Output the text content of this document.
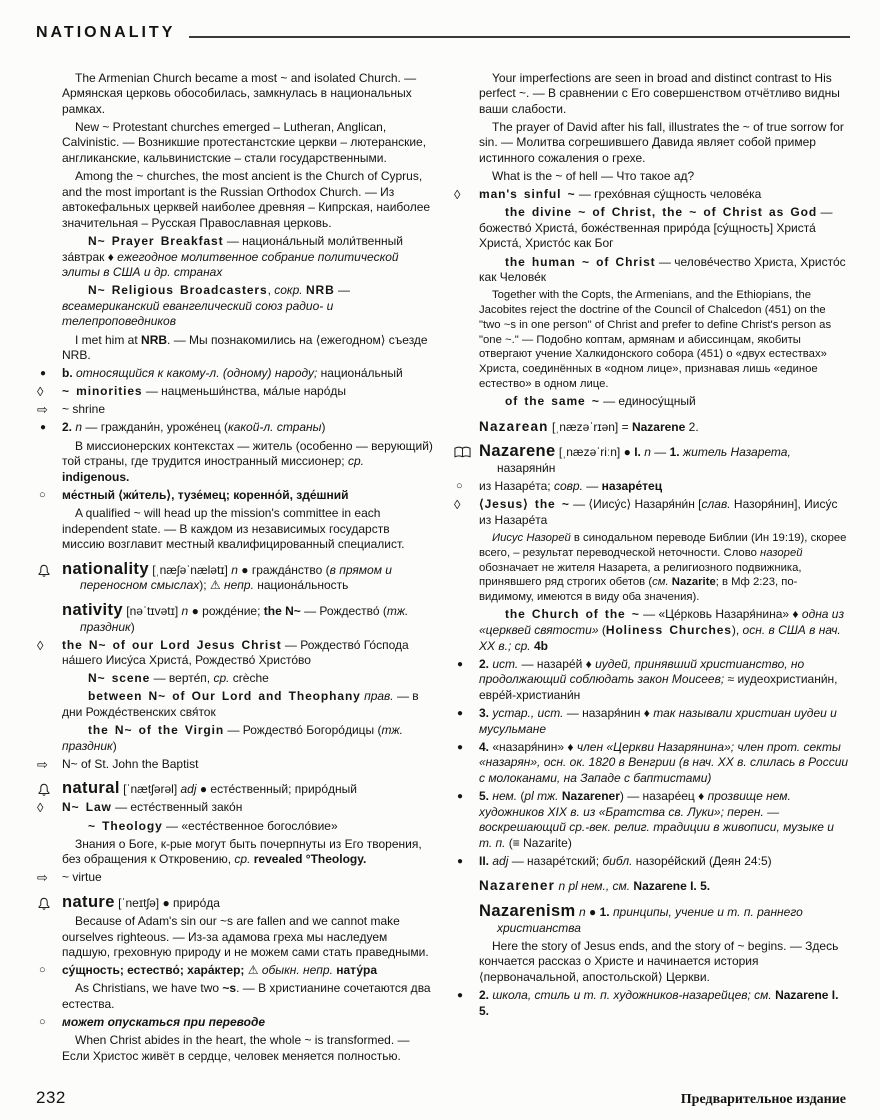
NATIONALITY
The Armenian Church became a most ~ and isolated Church. — Армянская церковь обособилась, замкнулась в национальных рамках.
New ~ Protestant churches emerged – Lutheran, Anglican, Calvinistic. — Возникшие протестанстские церкви – лютеранские, англиканские, кальвинистские – стали государственными.
Among the ~ churches, the most ancient is the Church of Cyprus, and the most important is the Russian Orthodox Church. — Из автокефальных церквей наиболее древняя – Кипрская, наиболее значительная – Русская Православная церковь.
N~ Prayer Breakfast — национа́льный моли́твенный за́втрак ♦ ежегодное молитвенное собрание политической элиты в США и др. странах
N~ Religious Broadcasters, сокр. NRB — всеамериканский евангелический союз радио- и телепроповедников
I met him at NRB. — Мы познакомились на ⟨ежегодном⟩ съезде NRB.
●	b. относящийся к какому-л. (одному) народу; национа́льный
◊	~ minorities — нацменьши́нства, ма́лые наро́ды
⇨	~ shrine
●	2. n — граждани́н, уроже́нец (какой-л. страны)
В миссионерских контекстах — житель (особенно — верующий) той страны, где трудится иностранный миссионер; ср. indigenous.
○	ме́стный ⟨жи́тель⟩, тузе́мец; коренно́й, зде́шний
A qualified ~ will head up the mission's committee in each independent state. — В каждом из независимых государств миссию возглавит местный квалифицированный специалист.
nationality [ˌnæʃəˈnælətɪ] n ● гражда́нство (в прямом и переносном смыслах); ⚠ непр. национа́льность
nativity [nəˈtɪvətɪ] n ● рожде́ние; the N~ — Рождество́ (тж. праздник)
◊	the N~ of our Lord Jesus Christ — Рождество́ Го́спода на́шего Иису́са Христа́, Рождество́ Христо́во
N~ scene — верте́п, ср. crèche
between N~ of Our Lord and Theophany прав. — в дни Рожде́ственских свя́ток
the N~ of the Virgin — Рождество́ Богоро́дицы (тж. праздник)
⇨	N~ of St. John the Baptist
natural [ˈnætʃərəl] adj ● есте́ственный; приро́дный
◊	N~ Law — есте́ственный зако́н
~ Theology — «есте́ственное богосло́вие»
Знания о Боге, к-рые могут быть почерпнуты из Его творения, без обращения к Откровению, ср. revealed °Theology.
⇨	~ virtue
nature [ˈneɪtʃə] ● приро́да
Because of Adam's sin our ~s are fallen and we cannot make ourselves righteous. — Из-за адамова греха мы наследуем падшую, греховную природу и не можем сами стать праведными.
○	су́щность; естество́; хара́ктер; ⚠ обыкн. непр. нату́ра
As Christians, we have two ~s. — В христианине сочетаются два естества.
○	может опускаться при переводе
When Christ abides in the heart, the whole ~ is transformed. — Если Христос живёт в сердце, человек меняется полностью.
Your imperfections are seen in broad and distinct contrast to His perfect ~. — В сравнении с Его совершенством отчётливо видны ваши слабости.
The prayer of David after his fall, illustrates the ~ of true sorrow for sin. — Молитва согрешившего Давида являет собой пример истинного сожаления о грехе.
What is the ~ of hell — Что такое ад?
◊	man's sinful ~ — грехо́вная су́щность челове́ка
the divine ~ of Christ, the ~ of Christ as God — божество́ Христа́, боже́ственная приро́да [су́щность] Христа́ Христа́, Христо́с как Бог
the human ~ of Christ — челове́чество Христа, Христо́с как Челове́к
Together with the Copts, the Armenians, and the Ethiopians, the Jacobites reject the doctrine of the Council of Chalcedon (451) on the "two ~s in one person" of Christ and prefer to define Christ's person as "one ~." — Подобно коптам, армянам и абиссинцам, якобиты отвергают учение Халкидонского собора (451) о «двух естествах» Христа, соединённых в «одном лице», признавая лишь «единое естество» в одном лице.
of the same ~ — единосу́щный
Nazarean [ˌnæzəˈrɪən] = Nazarene 2.
Nazarene [ˌnæzəˈriːn] ● I. n — 1. житель Назарета, назаряни́н
○	из Назаре́та; совр. — назаре́тец
◊	⟨Jesus⟩ the ~ — ⟨Иису́с⟩ Назаря́ни́н [слав. Назоря́нин], Иису́с из Назаре́та
Иисус Назорей в синодальном переводе Библии (Ин 19:19), скорее всего, – результат переводческой неточности. Слово назорей обозначает не жителя Назарета, а религиозного подвижника, принявшего ряд строгих обетов (см. Nazarite; в Мф 2:23, по-видимому, имеются в виду оба значения).
the Church of the ~ — «Це́рковь Назаря́нина» ♦ одна из «церквей святости» (Holiness Churches), осн. в США в нач. XX в.; ср. 4b
●	2. ист. — назаре́й ♦ иудей, принявший христианство, но продолжающий соблюдать закон Моисеев; ≈ иудеохристиани́н, евре́й-христиани́н
●	3. устар., ист. — назаря́нин ♦ так называли христиан иудеи и мусульмане
●	4. «назаря́нин» ♦ член «Церкви Назарянина»; член прот. секты «назарян», осн. ок. 1820 в Венгрии (в нач. XX в. слилась в России с молоканами, на Западе с баптистами)
●	5. нем. (pl тж. Nazarener) — назаре́ец ♦ прозвище нем. художников XIX в. из «Братства св. Луки»; перен. — воскрешающий ср.-век. религ. традиции в живописи, музыке и т. п. (≡ Nazarite)
●	II. adj — назаре́тский; библ. назоре́йский (Деян 24:5)
Nazarener n pl нем., см. Nazarene I. 5.
Nazarenism n ● 1. принципы, учение и т. п. раннего христианства
Here the story of Jesus ends, and the story of ~ begins. — Здесь кончается рассказ о Христе и начинается история ⟨первоначальной, апостольской⟩ Церкви.
●	2. школа, стиль и т. п. художников-назарейцев; см. Nazarene I. 5.
232	Предварительное издание
